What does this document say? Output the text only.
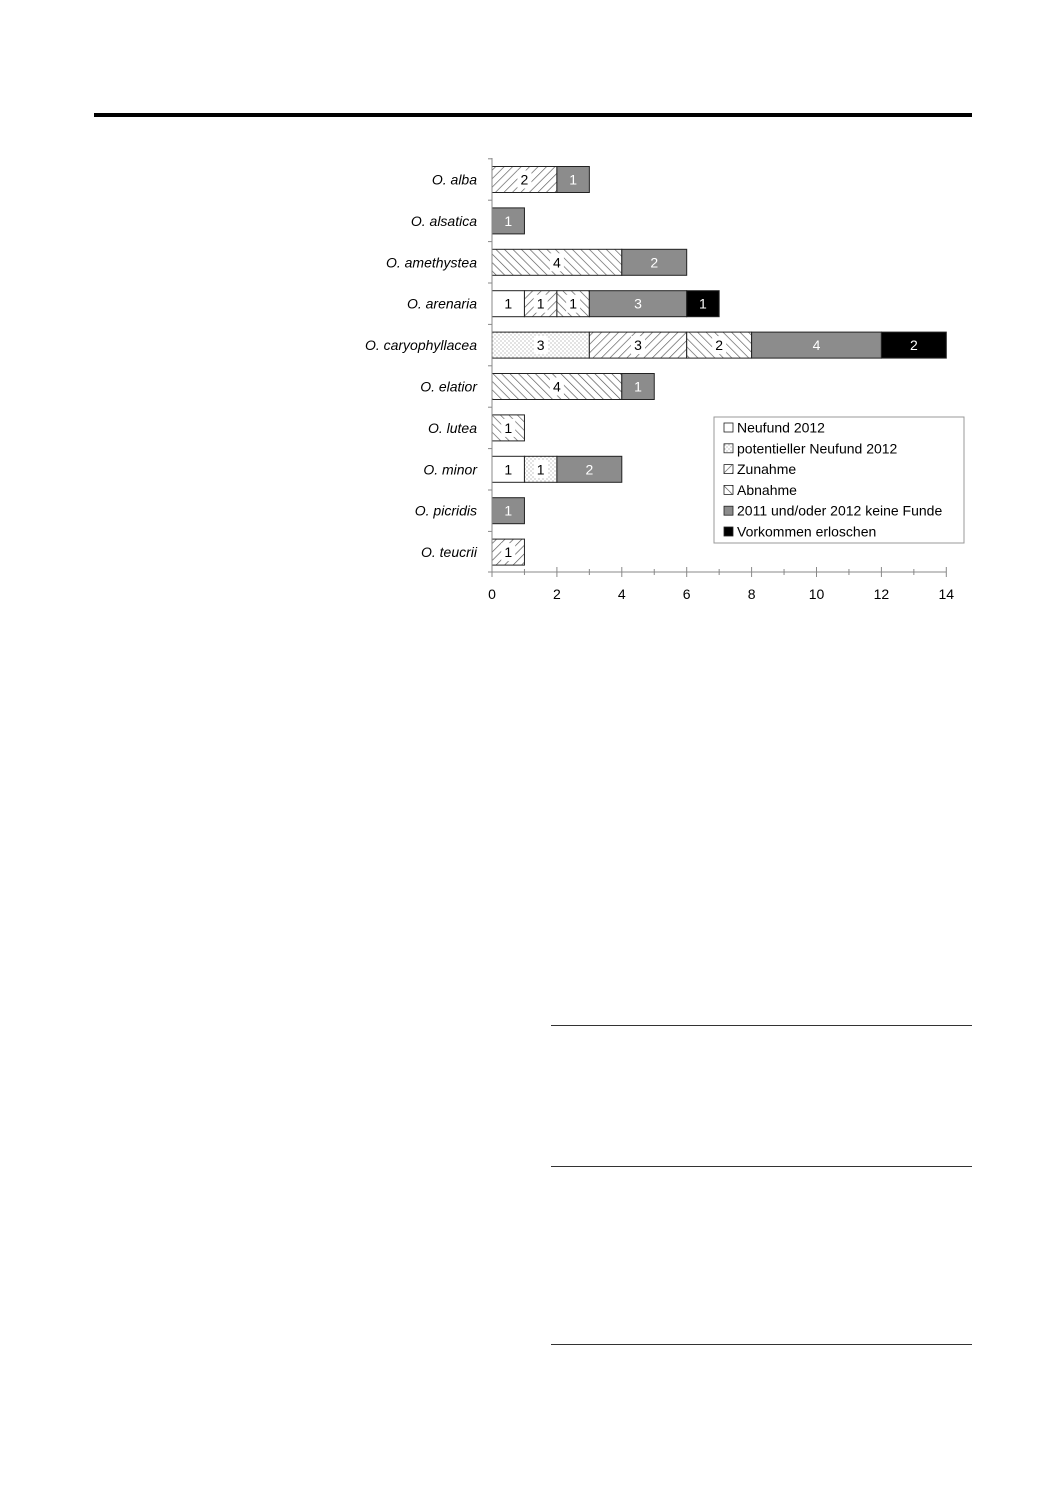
2	1
1
4	2
1 1 1	3	1
3	3	2	4	2
4	1
1
1 1	2
1
1
O. alba
O. alsatica
O. amethystea
O. arenaria
O. caryophyllacea
O. elatior
O. lutea
O. minor
O. picridis
O. teucrii
0	2	4	6	8	10	12	14
Neufund 2012
potentieller Neufund 2012
Zunahme
Abnahme
2011 und/oder 2012 keine Funde
Vorkommen erloschen
